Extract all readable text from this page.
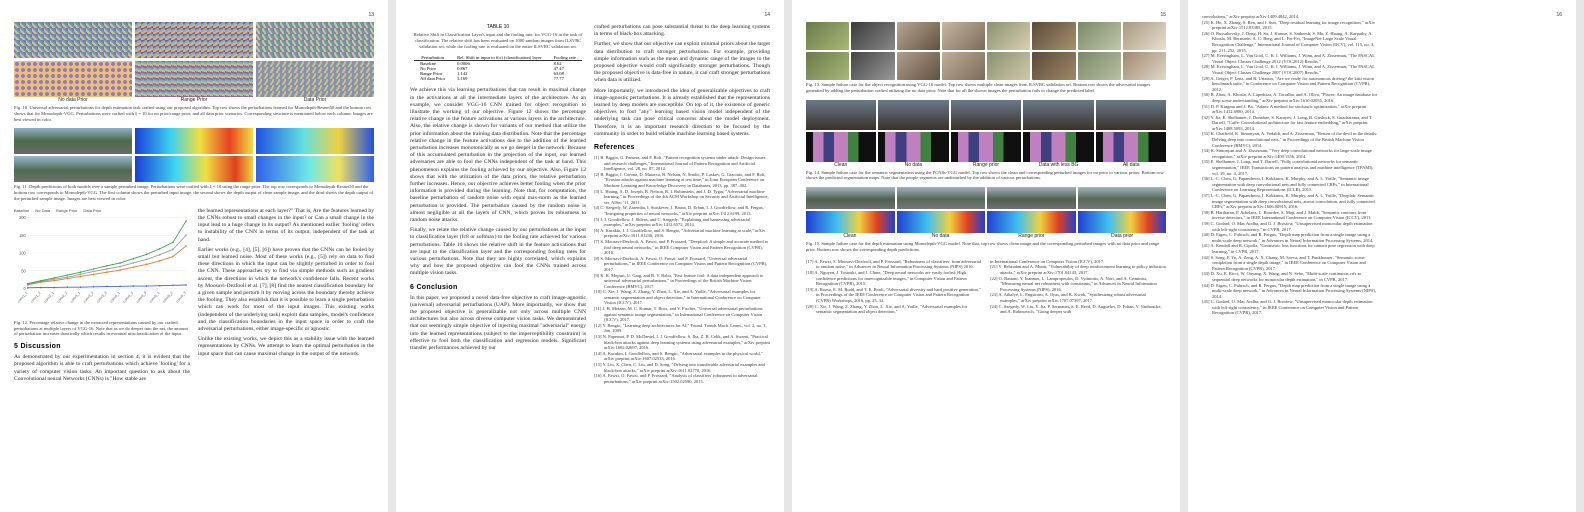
13
No data Prior	Range Prior	Data Prior

Fig. 10. Universal adversarial perturbations for depth estimation task crafted using our proposed algorithm. Top row shows the perturbations learned for Monodepth-Resnet50 and the bottom row shows that for Monodepth-VGG. Perturbations were crafted with ξ = 10 for no prior/range prior, and all data prior scenarios. Corresponding structure is mentioned below each column. Images are best viewed in color.

Fig. 11. Depth predictions of both models over a sample perturbed image. Perturbations were crafted with ξ = 10 using the range prior. The top row corresponds to Monodepth-Resnet50 and the bottom row corresponds to Monodepth-VGG. The first column shows the perturbed input image, the second shows the depth output of clean sample image, and the third shows the depth output of the perturbed sample image. Images are best viewed in color.

Baseline No Data Range Prior Data Prior
0
50
100
150
200
conv1_1 conv1_2 conv2_1 conv2_2 conv3_1 conv3_2 conv3_3 conv4_1 conv4_2 conv4_3 conv5_1 conv5_2 conv5_3

Fig. 12. Percentage relative change in the extracted representations caused by our crafted perturbations at multiple layers of VGG-16. Note that as we do deeper into the net, the amount of perturbation increases drastically which results in eventual misclassification of the input.

5 Discussion

As demonstrated by our experimentation in section 4, it is evident that the proposed algorithm is able to craft perturbations which achieve 'fooling' for a variety of computer vision tasks. An important question to ask about the Convolutional neural Networks (CNNs) is "How stable are

the learned representations at each layer?" That is, Are the features learned by the CNNs robust to small changes in the input? or Can a small change in the input lead to a huge change in its output? As mentioned earlier 'fooling' refers to instability of the CNN in terms of its output, independent of the task at hand.

Earlier works (e.g., [4], [5], [6]) have proven that the CNNs can be fooled by small but learned noise. Most of these works (e.g., [5]) rely on data to find these directions in which the input can be slightly perturbed in order to fool the CNN. These approaches try to find via simple methods such as gradient ascent, the directions in which the network's confidence falls. Recent works by Moosavi-Dezfooli et al. [7], [8] find the nearest classification boundary for a given sample and perturb it by moving across the boundary thereby achieve the fooling. They also establish that it is possible to learn a single perturbation which can work for most of the input images. This existing works (independent of the underlying task) exploit data samples, model's confidence and the classification boundaries in the input space in order to craft the adversarial perturbations, either image-specific or agnostic.

Unlike the existing works, we depict this as a stability issue with the learned representations by CNNs. We attempt to learn the optimal perturbation in the input space that can cause maximal change in the output of the network.

14
TABLE 10

Relative Shift in Classification Layer's input and the fooling rate, for VGG-16 in the task of classification. The relative shift has been evaluated on 1000 random images from ILSVRC validation set, while the fooling rate is evaluated on the entire ILSVRC validation set.

Perturbation	Rel. Shift in input to f(x) (classification) layer	Fooling rate
Baseline	0.0006	8.62
No Prior	0.867	47.47
Range Prior	1.142	63.08
All data Prior	3.169	77.77

We achieve this via learning perturbations that can result in maximal change in the activations at all the intermediate layers of the architecture. As an example, we consider VGG-16 CNN trained for object recognition to illustrate the working of our objective. Figure 12 shows the percentage relative change in the feature activations at various layers in the architecture. Also, the relative change is shown for variants of our method that utilize the prior information about the training data distribution. Note that the percentage relative change in the feature activations due to the addition of the learned perturbation increases monotonically as we go deeper in the network. Because of this accumulated perturbation in the projection of the input, our learned adversaries are able to fool the CNNs independent of the task at hand. This phenomenon explains the fooling achieved by our objective. Also, Figure 12 shows that with the utilization of the data priors, the relative perturbation further increases. Hence, our objective achieves better fooling when the prior information is provided during the learning. Note that, for computation, the baseline perturbation of random noise with equal max-norm as the learned perturbation is provided. The perturbation caused by the random noise is almost negligible at all the layers of CNN, which proves its robustness to random noise attacks.

Finally, we relate the relative change caused by our perturbations at the input to classification layer (fc8 or softmax) to the fooling rate achieved for various perturbations. Table 10 shows the relative shift in the feature activations that are input to the classification layer and the corresponding fooling rates for various perturbations. Note that they are highly correlated, which explains why and how the proposed objective can fool the CNNs trained across multiple vision tasks.

6 Conclusion

In this paper, we proposed a novel data-free objective to craft image-agnostic (universal) adversarial perturbations (UAP). More importantly, we show that the proposed objective is generalizable not only across multiple CNN architectures but also across diverse computer vision tasks. We demonstrated that our seemingly simple objective of injecting maximal "adversarial" energy into the learned representations (subject to the imperceptibility constraint) is effective to fool both the classification and regression models. Significant transfer performances achieved by our

crafted perturbations can pose substantial threat to the deep learning systems in terms of black-box attacking.

Further, we show that our objective can exploit minimal priors about the target data distribution to craft stronger perturbations. For example, providing simple information such as the mean and dynamic range of the images to the proposed objective would craft significantly stronger perturbations. Though the proposed objective is data-free in nature, it can craft stronger perturbations when data is utilized.

More importantly, we introduced the idea of generalizable objectives to craft image-agnostic perturbations. It is already established that the representations learned by deep models are susceptible. On top of it, the existence of generic objectives to fool "any" learning based vision model independent of the underlying task can pose critical concerns about the model deployment. Therefore, it is an important research direction to be focused by the community in order to build reliable machine learning based systems.

References

[1] B. Biggio, G. Fumera, and F. Roli, "Pattern recognition systems under attack: Design issues and research challenges," International Journal of Pattern Recognition and Artificial Intelligence, vol. 28, no. 07, 2014.

[2] B. Biggio, I. Corona, D. Maiorca, B. Nelson, N. Šrndić, P. Laskov, G. Giacinto, and F. Roli, "Evasion attacks against machine learning at test time," in Joint European Conference on Machine Learning and Knowledge Discovery in Databases, 2013, pp. 387–402.

[3] L. Huang, A. D. Joseph, B. Nelson, B. I. Rubinstein, and J. D. Tygar, "Adversarial machine learning," in Proceedings of the 4th ACM Workshop on Security and Artificial Intelligence, ser. AISec '11, 2011.

[4] C. Szegedy, W. Zaremba, I. Sutskever, J. Bruna, D. Erhan, I. J. Goodfellow, and R. Fergus, "Intriguing properties of neural networks," arXiv preprint arXiv:1312.6199, 2013.

[5] I. J. Goodfellow, J. Shlens, and C. Szegedy, "Explaining and harnessing adversarial examples," arXiv preprint arXiv:1412.6572, 2014.

[6] A. Kurakin, I. J. Goodfellow, and S. Bengio, "Adversarial machine learning at scale," arXiv preprint arXiv:1611.01236, 2016.

[7] S. Moosavi-Dezfooli, A. Fawzi, and P. Frossard, "Deepfool: A simple and accurate method to fool deep neural networks," in IEEE Computer Vision and Pattern Recognition (CVPR), 2016.

[8] S. Moosavi-Dezfooli, A. Fawzi, O. Fawzi, and P. Frossard, "Universal adversarial perturbations," in IEEE Conference on Computer Vision and Pattern Recognition (CVPR), 2017.

[9] K. R. Mopuri, U. Garg, and R. V. Babu, "Fast feature fool: A data independent approach to universal adversarial perturbations," in Proceedings of the British Machine Vision Conference (BMVC), 2017.

[10] C. Xie, J. Wang, Z. Zhang, Y. Zhou, L. Xie, and A. Yuille, "Adversarial examples for semantic segmentation and object detection," in International Conference on Computer Vision (ICCV), 2017.

[11] J. H. Metzen, M. C. Kumar, T. Brox, and V. Fischer, "Universal adversarial perturbations against semantic image segmentation," in International Conference on Computer Vision (ICCV), 2017.

[12] Y. Bengio, "Learning deep architectures for AI," Found. Trends Mach. Learn., vol. 2, no. 1, Jan. 2009.

[13] N. Papernot, P. D. McDaniel, I. J. Goodfellow, S. Jha, Z. B. Celik, and A. Swami, "Practical black-box attacks against deep learning systems using adversarial examples," arXiv preprint arXiv:1602.02697, 2016.

[14] A. Kurakin, I. Goodfellow, and S. Bengio, "Adversarial examples in the physical world," arXiv preprint arXiv:1607.02533, 2016.

[15] Y. Liu, X. Chen, C. Liu, and D. Song, "Delving into transferable adversarial examples and black-box attacks," arXiv preprint arXiv:1611.02770, 2016.

[16] A. Fawzi, O. Fawzi, and P. Frossard, "Analysis of classifiers' robustness to adversarial perturbations," arXiv preprint arXiv:1502.02590, 2015.

15

Fig. 13. Sample failure case for the object recognition using VGG-16 model. Top row shows multiple clean images from ILSVRC validation set. Bottom row shows the adversarial images generated by adding the perturbation crafted utilizing the no data prior. Note that for all the shown images the perturbation fails to change the predicted label.

Clean	No data	Range prior	Data with less BG	All data

Fig. 14. Sample failure case for the semantic segmentation using the FCN8s-VGG model. Top row shows the clean and corresponding perturbed images for no prior to various priors. Bottom row shows the predicted segmentation maps. Note that the people segments are undisturbed by the addition of various perturbations.

Clean	No data	Range prior	Data prior

Fig. 15. Sample failure case for the depth estimation using Monodepth-VGG model. Note that, top row shows clean image and the corresponding perturbed images with no data prior and range prior. Bottom row shows the corresponding depth predictions.

[17] A. Fawzi, S. Moosavi-Dezfooli, and P. Frossard, "Robustness of classifiers: from adversarial to random noise," in Advances in Neural Information Processing Systems (NIPS) 2016.

[18] A. Nguyen, J. Yosinski, and J. Clune, "Deep neural networks are easily fooled: High confidence predictions for unrecognizable images," in Computer Vision and Pattern Recognition (CVPR), 2015.

[19] A. Rozsa, E. M. Rudd, and T. E. Boult, "Adversarial diversity and hard positive generation," in Proceedings of the IEEE Conference on Computer Vision and Pattern Recognition (CVPR) Workshops, 2016, pp. 25–32.

[20] C. Xie, J. Wang, Z. Zhang, Y. Zhou, L. Xie, and A. Yuille, "Adversarial examples for semantic segmentation and object detection,"

in International Conference on Computer Vision (ICCV), 2017.

[21] V. Behzadan and A. Munir, "Vulnerability of deep reinforcement learning to policy induction attacks," arXiv preprint arXiv:1701.04143, 2017.

[22] O. Bastani, Y. Ioannou, L. Lampropoulos, D. Vytiniotis, A. Nori, and A. Criminisi, "Measuring neural net robustness with constraints," in Advances in Neural Information Processing Systems (NIPS), 2016.

[23] A. Athalye, L. Engstrom, A. Ilyas, and K. Kwok, "Synthesizing robust adversarial examples," arXiv preprint arXiv:1707.07397, 2017.

[24] C. Szegedy, W. Liu, Y. Jia, P. Sermanet, S. E. Reed, D. Anguelov, D. Erhan, V. Vanhoucke, and A. Rabinovich, "Going deeper with

16

convolutions," arXiv preprint arXiv:1409.4842, 2014.

[25] K. He, X. Zhang, S. Ren, and J. Sun, "Deep residual learning for image recognition," arXiv preprint arXiv:1512.03385, 2015.

[26] O. Russakovsky, J. Deng, H. Su, J. Krause, S. Satheesh, S. Ma, Z. Huang, A. Karpathy, A. Khosla, M. Bernstein, A. C. Berg, and L. Fei-Fei, "ImageNet Large Scale Visual Recognition Challenge," International Journal of Computer Vision (IJCV), vol. 115, no. 3, pp. 211–252, 2015.

[27] M. Everingham, L. Van Gool, C. K. I. Williams, J. Winn, and A. Zisserman, "The PASCAL Visual Object Classes Challenge 2012 (VOC2012) Results."

[28] M. Everingham, L. Van Gool, C. K. I. Williams, J. Winn, and A. Zisserman, "The PASCAL Visual Object Classes Challenge 2007 (VOC2007) Results."

[29] A. Geiger, P. Lenz, and R. Urtasun, "Are we ready for autonomous driving? the kitti vision benchmark suite," in Conference on Computer Vision and Pattern Recognition (CVPR), 2012.

[30] B. Zhou, A. Khosla, A. Lapedriza, A. Torralba, and A. Oliva, "Places: An image database for deep scene understanding," arXiv preprint arXiv:1610.02055, 2016.

[31] D. P. Kingma and J. Ba, "Adam: A method for stochastic optimization," arXiv preprint arXiv:1412.6980, 2014.

[32] Y. Jia, E. Shelhamer, J. Donahue, S. Karayev, J. Long, R. Girshick, S. Guadarrama, and T. Darrell, "Caffe: Convolutional architecture for fast feature embedding," arXiv preprint arXiv:1408.5093, 2014.

[33] K. Chatfield, K. Simonyan, A. Vedaldi, and A. Zisserman, "Return of the devil in the details: Delving deep into convolutional nets," in Proceedings of the British Machine Vision Conference (BMVC), 2014.

[34] K. Simonyan and A. Zisserman, "Very deep convolutional networks for large-scale image recognition," arXiv preprint arXiv:1409.1556, 2014.

[35] E. Shelhamer, J. Long, and T. Darrell, "Fully convolutional networks for semantic segmentation," IEEE Transactions on pattern analysis and machine intelligence (TPAMI), vol. 39, no. 4, 2017.

[36] L.-C. Chen, G. Papandreou, I. Kokkinos, K. Murphy, and A. L. Yuille, "Semantic image segmentation with deep convolutional nets and fully connected CRFs," in International Conference on Learning Representations (ICLR), 2015.

[37] L.-C. Chen, G. Papandreou, I. Kokkinos, K. Murphy, and A. L. Yuille, "Deeplab: Semantic image segmentation with deep convolutional nets, atrous convolution, and fully connected CRFs," arXiv preprint arXiv:1606.00915, 2016.

[38] B. Hariharan, P. Arbelaez, L. Bourdev, S. Maji, and J. Malik, "Semantic contours from inverse detectors," in IEEE International Conference on Computer Vision (ICCV), 2011.

[39] C. Godard, O. Mac Aodha, and G. J. Brostow, "Unsupervised monocular depth estimation with left-right consistency," in CVPR, 2017.

[40] D. Eigen, C. Puhrsch, and R. Fergus, "Depth map prediction from a single image using a multi-scale deep network," in Advances in Neural Information Processing Systems, 2014.

[41] A. Kendall and R. Cipolla, "Geometric loss functions for camera pose regression with deep learning," in CVPR, 2017.

[42] S. Song, F. Yu, A. Zeng, A. X. Chang, M. Savva, and T. Funkhouser, "Semantic scene completion from a single depth image," in IEEE Conference on Computer Vision and Pattern Recognition (CVPR), 2017.

[43] D. Xu, E. Ricci, W. Ouyang, X. Wang, and N. Sebe, "Multi-scale continuous crfs as sequential deep networks for monocular depth estimation," in CVPR, 2017.

[44] D. Eigen, C. Puhrsch, and R. Fergus, "Depth map prediction from a single image using a multi-scale deep network," in Advances in Neural Information Processing Systems (NIPS), 2014.

[45] C. Godard, O. Mac Aodha, and G. J. Brostow, "Unsupervised monocular depth estimation with left-right consistency," in IEEE Conference on Computer Vision and Pattern Recognition (CVPR), 2017.
